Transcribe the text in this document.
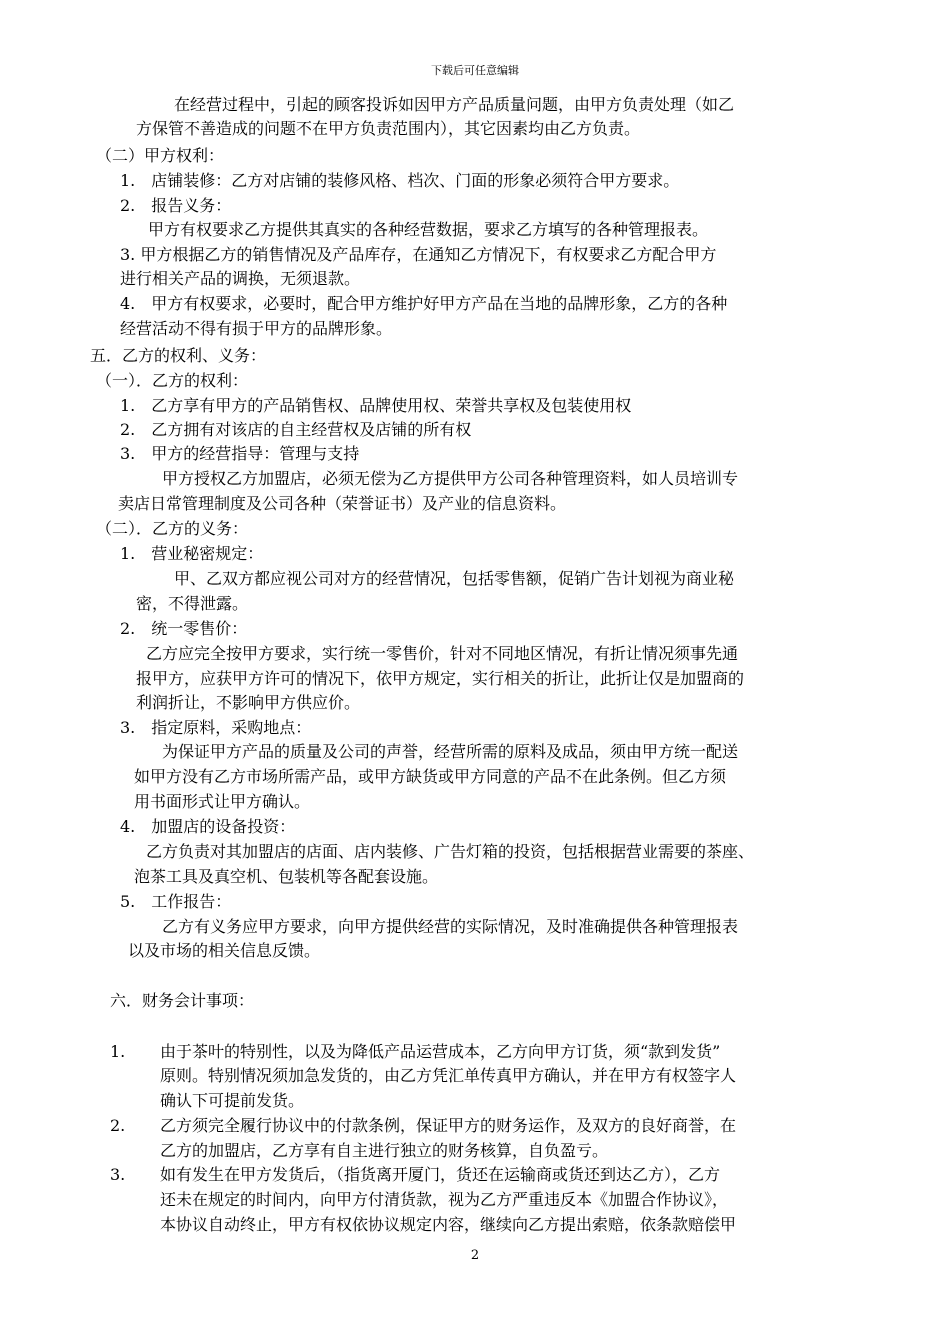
下载后可任意编辑
在经营过程中，引起的顾客投诉如因甲方产品质量问题，由甲方负责处理（如乙
方保管不善造成的问题不在甲方负责范围内），其它因素均由乙方负责。
（二）甲方权利：
1.　店铺装修：乙方对店铺的装修风格、档次、门面的形象必须符合甲方要求。
2.　报告义务：
甲方有权要求乙方提供其真实的各种经营数据，要求乙方填写的各种管理报表。
3. 甲方根据乙方的销售情况及产品库存，在通知乙方情况下，有权要求乙方配合甲方
进行相关产品的调换，无须退款。
4.　甲方有权要求，必要时，配合甲方维护好甲方产品在当地的品牌形象，乙方的各种
经营活动不得有损于甲方的品牌形象。
五．乙方的权利、义务：
（一）．乙方的权利：
1.　乙方享有甲方的产品销售权、品牌使用权、荣誉共享权及包装使用权
2.　乙方拥有对该店的自主经营权及店铺的所有权
3.　甲方的经营指导：管理与支持
甲方授权乙方加盟店，必须无偿为乙方提供甲方公司各种管理资料，如人员培训专
卖店日常管理制度及公司各种（荣誉证书）及产业的信息资料。
（二）．乙方的义务：
1.　营业秘密规定：
甲、乙双方都应视公司对方的经营情况，包括零售额，促销广告计划视为商业秘
密，不得泄露。
2.　统一零售价：
乙方应完全按甲方要求，实行统一零售价，针对不同地区情况，有折让情况须事先通
报甲方，应获甲方许可的情况下，依甲方规定，实行相关的折让，此折让仅是加盟商的
利润折让，不影响甲方供应价。
3.　指定原料，采购地点：
为保证甲方产品的质量及公司的声誉，经营所需的原料及成品，须由甲方统一配送
如甲方没有乙方市场所需产品，或甲方缺货或甲方同意的产品不在此条例。但乙方须
用书面形式让甲方确认。
4.　加盟店的设备投资：
乙方负责对其加盟店的店面、店内装修、广告灯箱的投资，包括根据营业需要的茶座、
泡茶工具及真空机、包装机等各配套设施。
5.　工作报告：
乙方有义务应甲方要求，向甲方提供经营的实际情况，及时准确提供各种管理报表
以及市场的相关信息反馈。
六．财务会计事项：
1. 由于茶叶的特别性，以及为降低产品运营成本，乙方向甲方订货，须“款到发货”
原则。特别情况须加急发货的，由乙方凭汇单传真甲方确认，并在甲方有权签字人
确认下可提前发货。
2. 乙方须完全履行协议中的付款条例，保证甲方的财务运作，及双方的良好商誉，在
乙方的加盟店，乙方享有自主进行独立的财务核算，自负盈亏。
3. 如有发生在甲方发货后，（指货离开厦门，货还在运输商或货还到达乙方），乙方
还未在规定的时间内，向甲方付清货款，视为乙方严重违反本《加盟合作协议》，
本协议自动终止，甲方有权依协议规定内容，继续向乙方提出索赔，依条款赔偿甲
2
